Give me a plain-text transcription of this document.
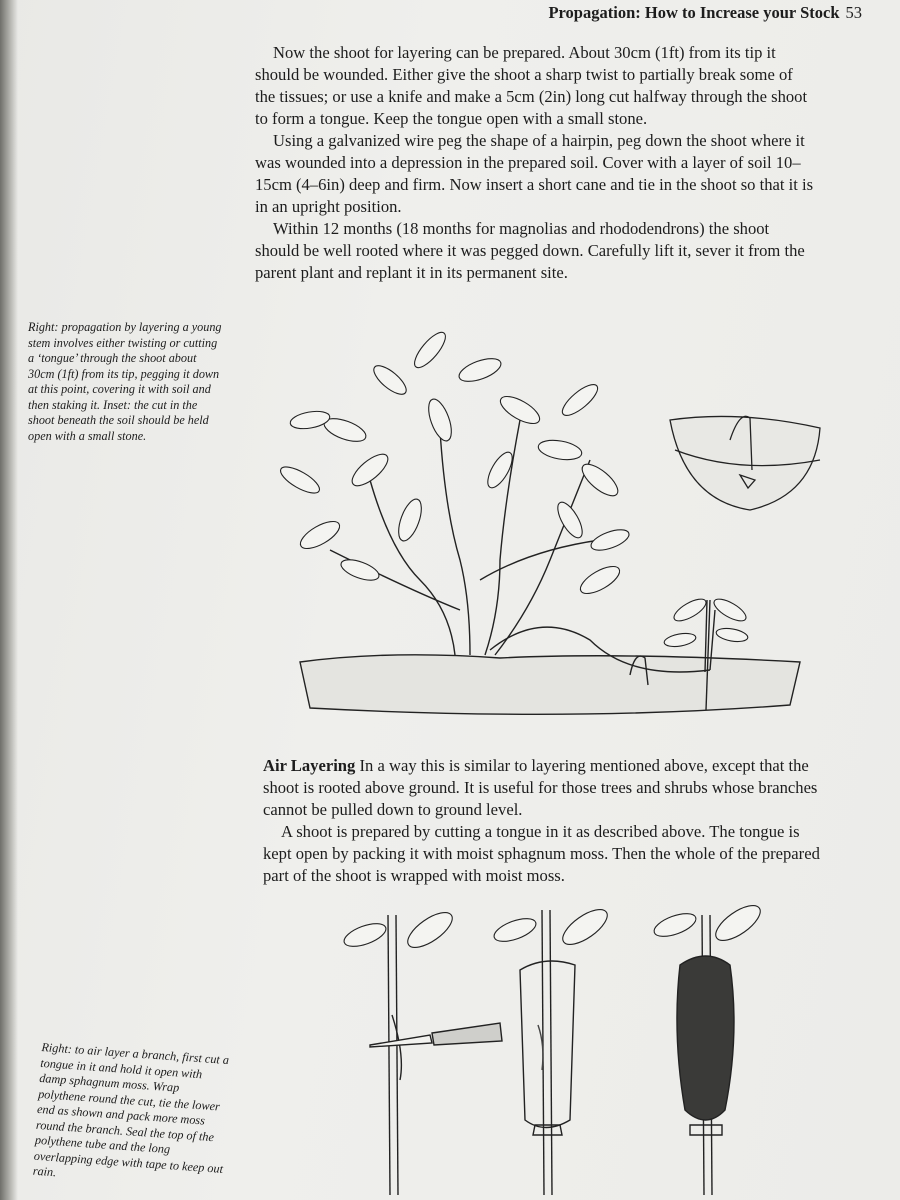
Propagation: How to Increase your Stock 53

Now the shoot for layering can be prepared. About 30cm (1ft) from its tip it should be wounded. Either give the shoot a sharp twist to partially break some of the tissues; or use a knife and make a 5cm (2in) long cut halfway through the shoot to form a tongue. Keep the tongue open with a small stone.

Using a galvanized wire peg the shape of a hairpin, peg down the shoot where it was wounded into a depression in the prepared soil. Cover with a layer of soil 10–15cm (4–6in) deep and firm. Now insert a short cane and tie in the shoot so that it is in an upright position.

Within 12 months (18 months for magnolias and rhododendrons) the shoot should be well rooted where it was pegged down. Carefully lift it, sever it from the parent plant and replant it in its permanent site.

Right: propagation by layering a young stem involves either twisting or cutting a ‘tongue’ through the shoot about 30cm (1ft) from its tip, pegging it down at this point, covering it with soil and then staking it. Inset: the cut in the shoot beneath the soil should be held open with a small stone.

Air Layering In a way this is similar to layering mentioned above, except that the shoot is rooted above ground. It is useful for those trees and shrubs whose branches cannot be pulled down to ground level.

A shoot is prepared by cutting a tongue in it as described above. The tongue is kept open by packing it with moist sphagnum moss. Then the whole of the prepared part of the shoot is wrapped with moist moss.

Right: to air layer a branch, first cut a tongue in it and hold it open with damp sphagnum moss. Wrap polythene round the cut, tie the lower end as shown and pack more moss round the branch. Seal the top of the polythene tube and the long overlapping edge with tape to keep out rain.
